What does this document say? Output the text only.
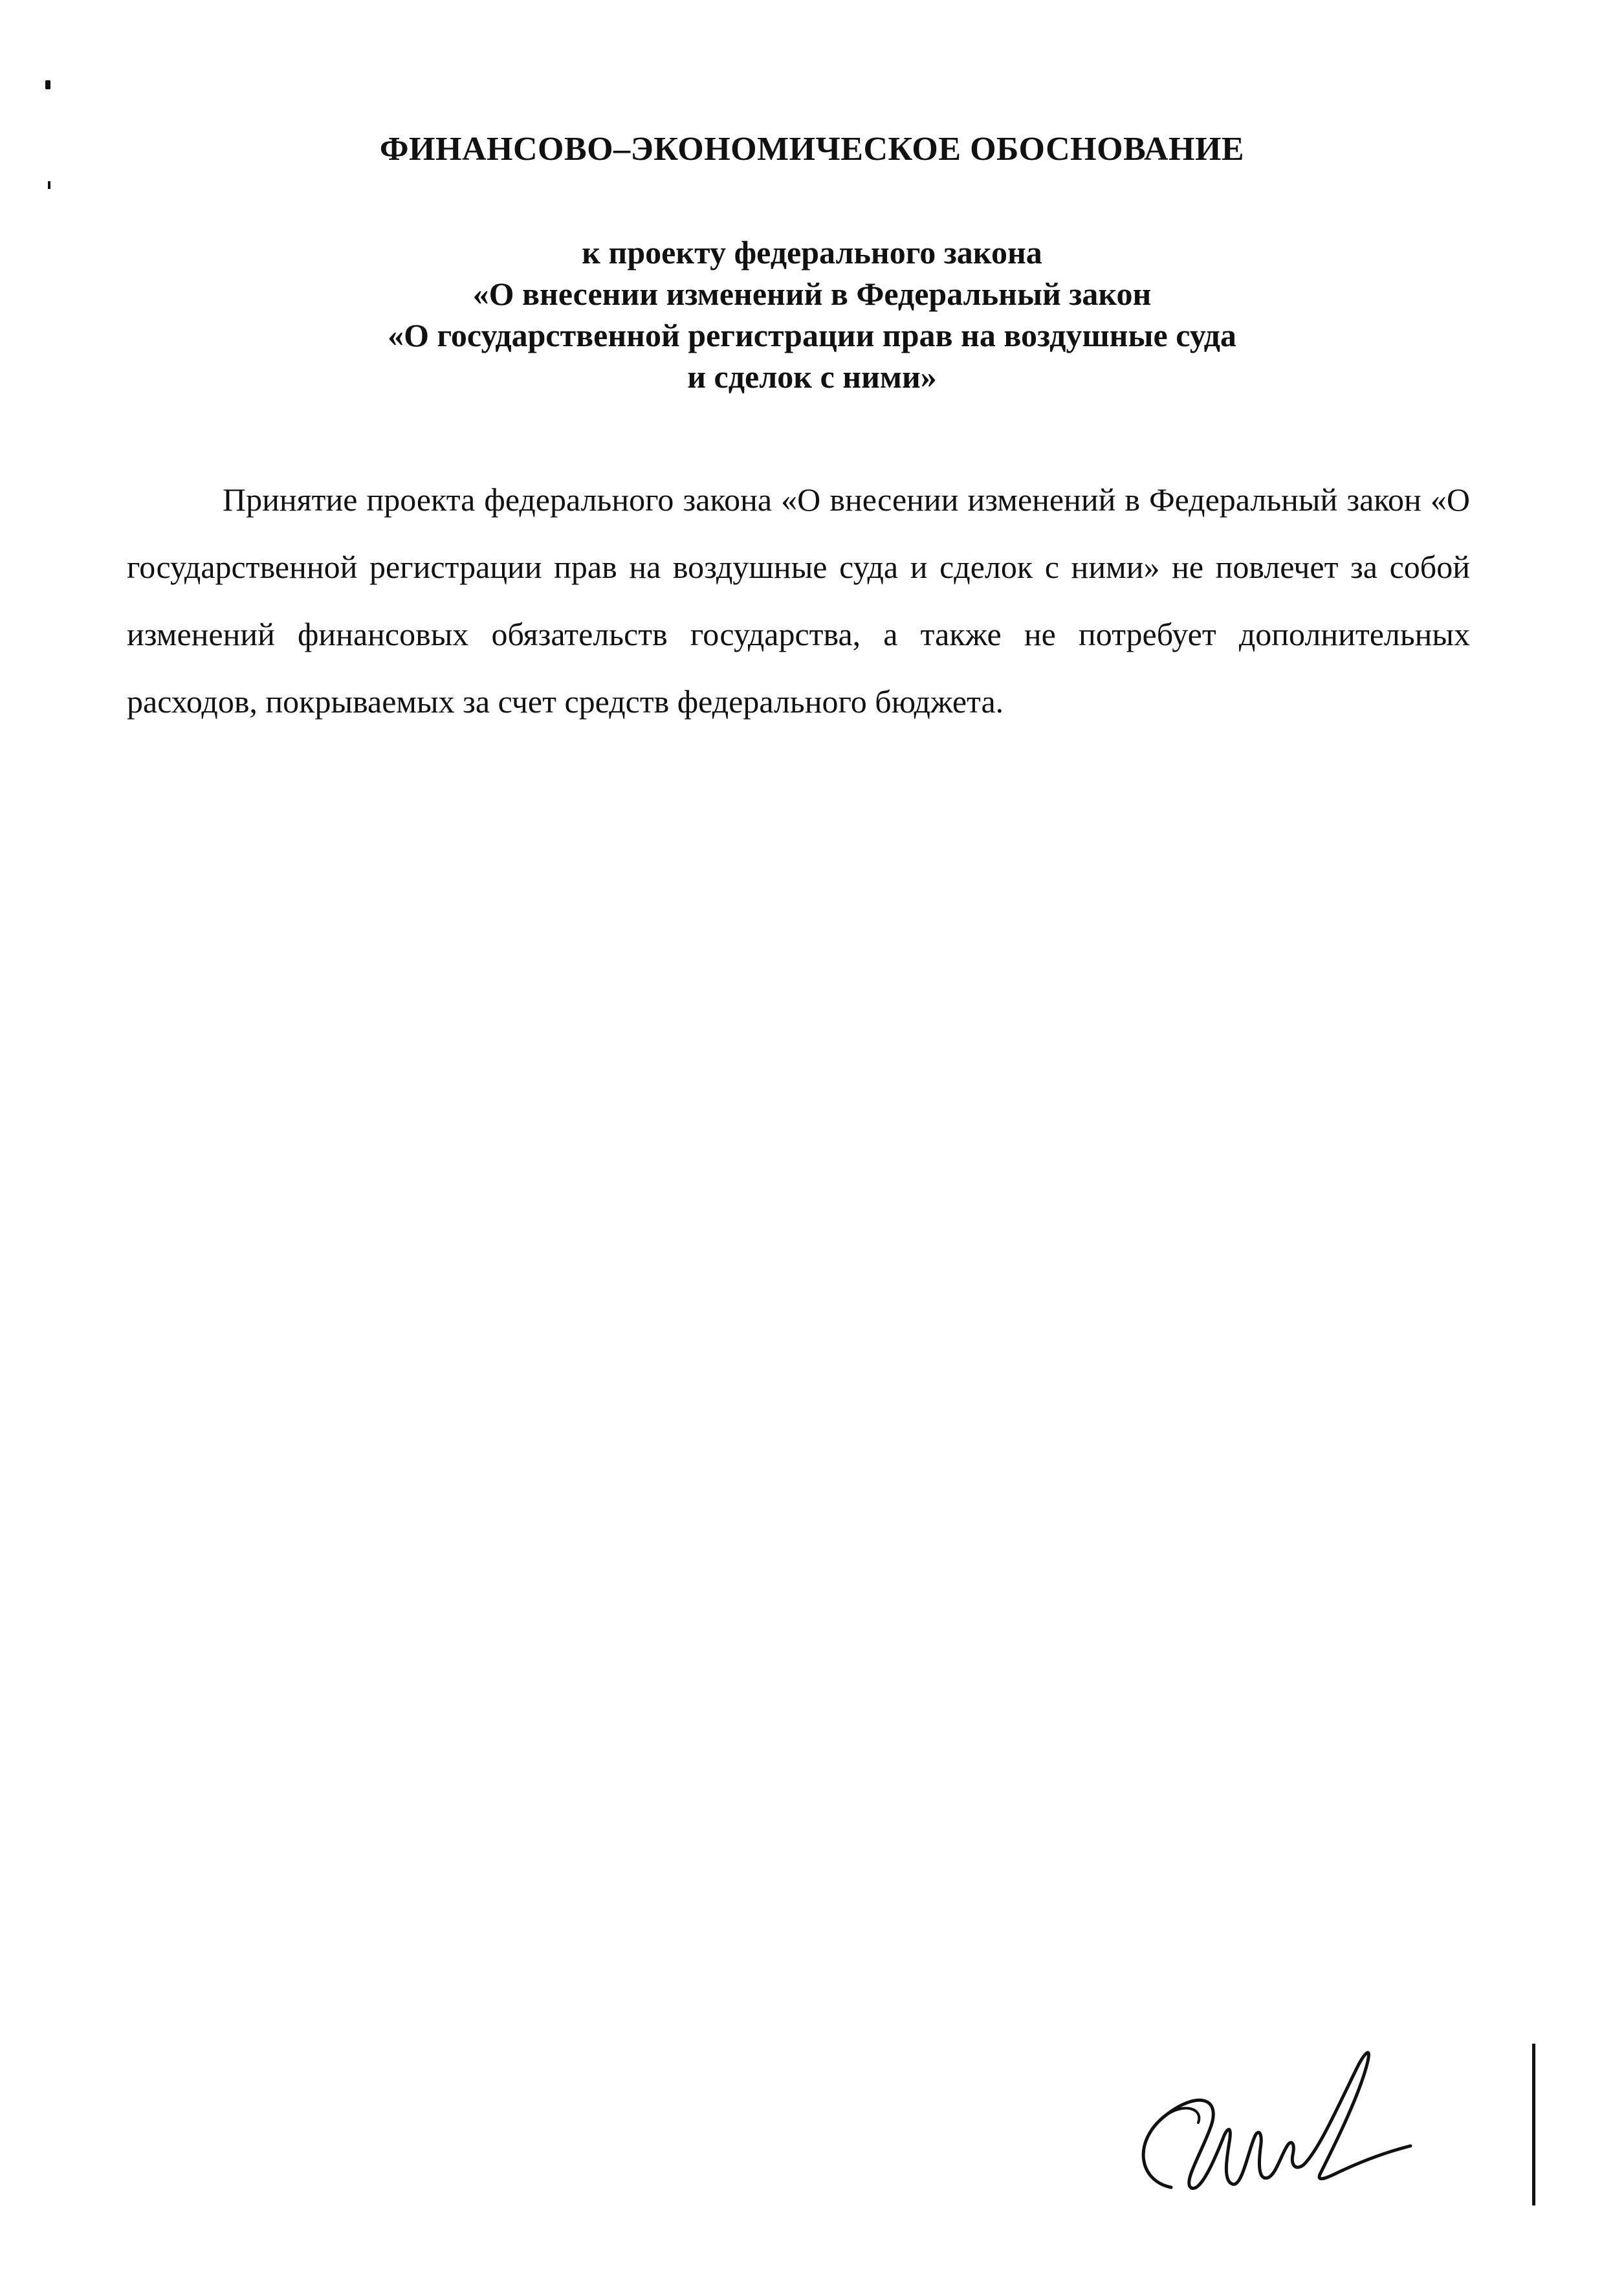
ФИНАНСОВО–ЭКОНОМИЧЕСКОЕ ОБОСНОВАНИЕ
к проекту федерального закона
«О внесении изменений в Федеральный закон
«О государственной регистрации прав на воздушные суда
и сделок с ними»

Принятие проекта федерального закона «О внесении изменений в Федеральный закон «О государственной регистрации прав на воздушные суда и сделок с ними» не повлечет за собой изменений финансовых обязательств государства, а также не потребует дополнительных расходов, покрываемых за счет средств федерального бюджета.
